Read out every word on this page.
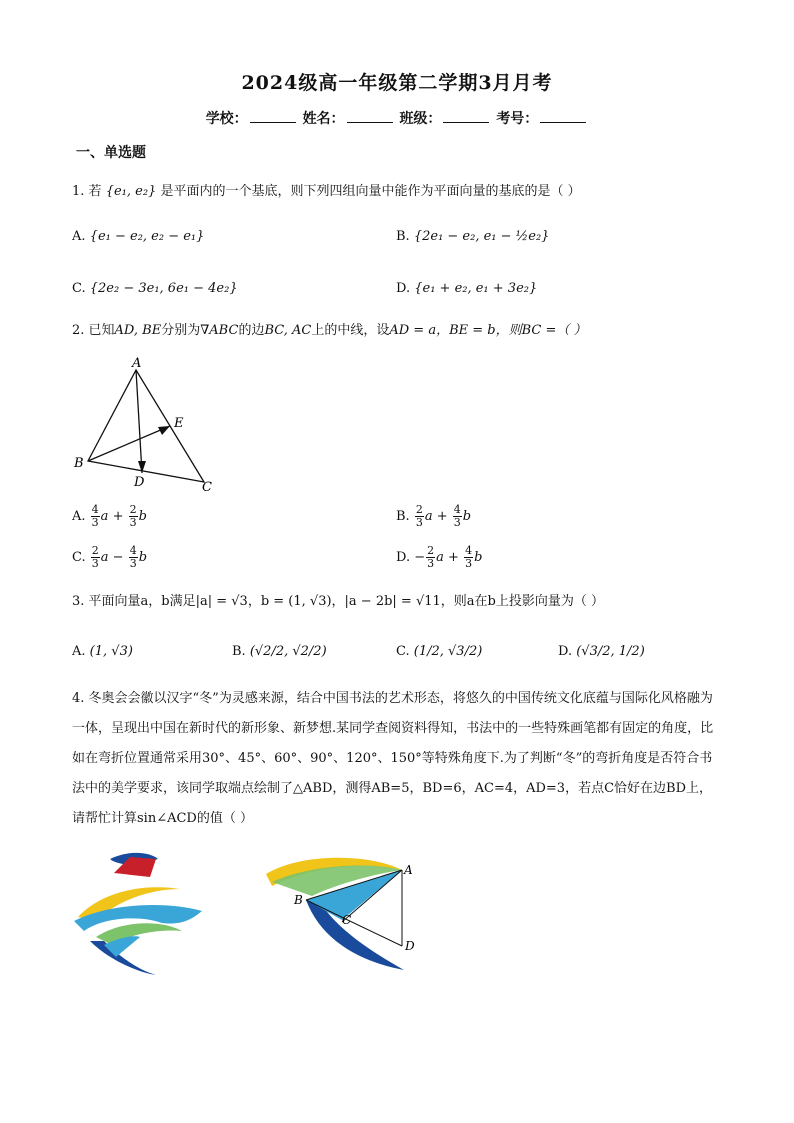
2024级高一年级第二学期3月月考
学校：	姓名：	班级：	考号：
一、单选题
1. 若 {e₁, e₂} 是平面内的一个基底，则下列四组向量中能作为平面向量的基底的是（ ）
A. {e₁ − e₂, e₂ − e₁}	B. {2e₁ − e₂, e₁ − ½e₂}
C. {2e₂ − 3e₁, 6e₁ − 4e₂}	D. {e₁ + e₂, e₁ + 3e₂}
2. 已知AD, BE分别为∇ABC的边BC, AC上的中线，设AD = a，BE = b，则BC =（ ）
A
B
C
D
E
A. $\frac{4}{3}$ $a + \frac{2}{3}$ b	B. $\frac{2}{3}$ $a + \frac{4}{3}$ b
C. $\frac{2}{3}$ $a - \frac{4}{3}$ b	D. − $\frac{2}{3}$ $a + \frac{4}{3}$ b
3. 平面向量a，b满足|a| = √3，b = (1, √3)，|a − 2b| = √11，则a在b上投影向量为（ ）
A. (1, √3)	B. (√2/2, √2/2)	C. (1/2, √3/2)	D. (√3/2, 1/2)
4. 冬奥会会徽以汉字“冬”为灵感来源，结合中国书法的艺术形态，将悠久的中国传统文化底蕴与国际化风格融为一体，呈现出中国在新时代的新形象、新梦想.某同学查阅资料得知，书法中的一些特殊画笔都有固定的角度，比如在弯折位置通常采用30°、45°、60°、90°、120°、150°等特殊角度下.为了判断“冬”的弯折角度是否符合书法中的美学要求，该同学取端点绘制了△ABD，测得AB=5，BD=6，AC=4，AD=3，若点C恰好在边BD上，请帮忙计算sin∠ACD的值（ ）
A
B
C
D
